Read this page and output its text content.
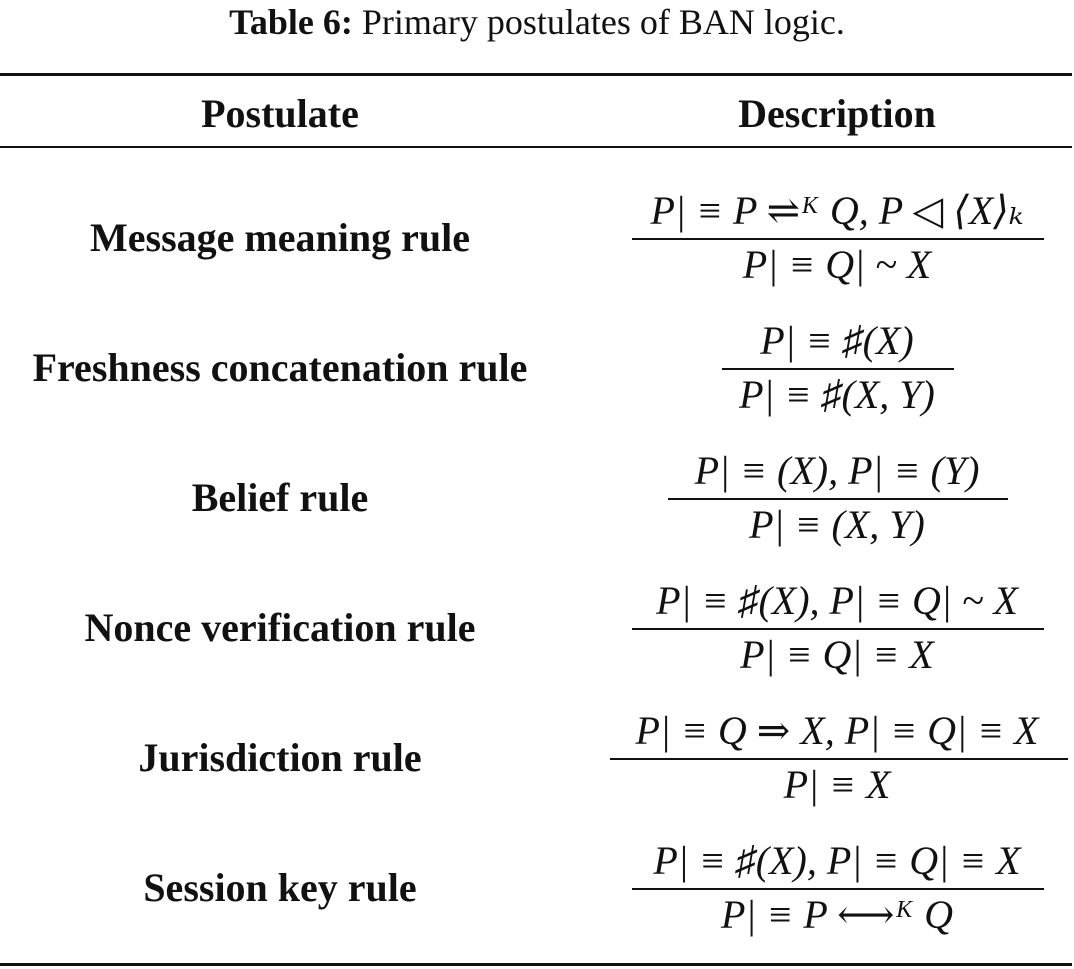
Table 6: Primary postulates of BAN logic.
Postulate	Description
Message meaning rule
P| ≡ P ⇌ᴷ Q, P ◁ ⟨X⟩ₖ
P| ≡ Q| ~ X
Freshness concatenation rule
P| ≡ ♯(X)
P| ≡ ♯(X, Y)
Belief rule
P| ≡ (X), P| ≡ (Y)
P| ≡ (X, Y)
Nonce verification rule
P| ≡ ♯(X), P| ≡ Q| ~ X
P| ≡ Q| ≡ X
Jurisdiction rule
P| ≡ Q ⇒ X, P| ≡ Q| ≡ X
P| ≡ X
Session key rule
P| ≡ ♯(X), P| ≡ Q| ≡ X
P| ≡ P ⟷ᴷ Q
